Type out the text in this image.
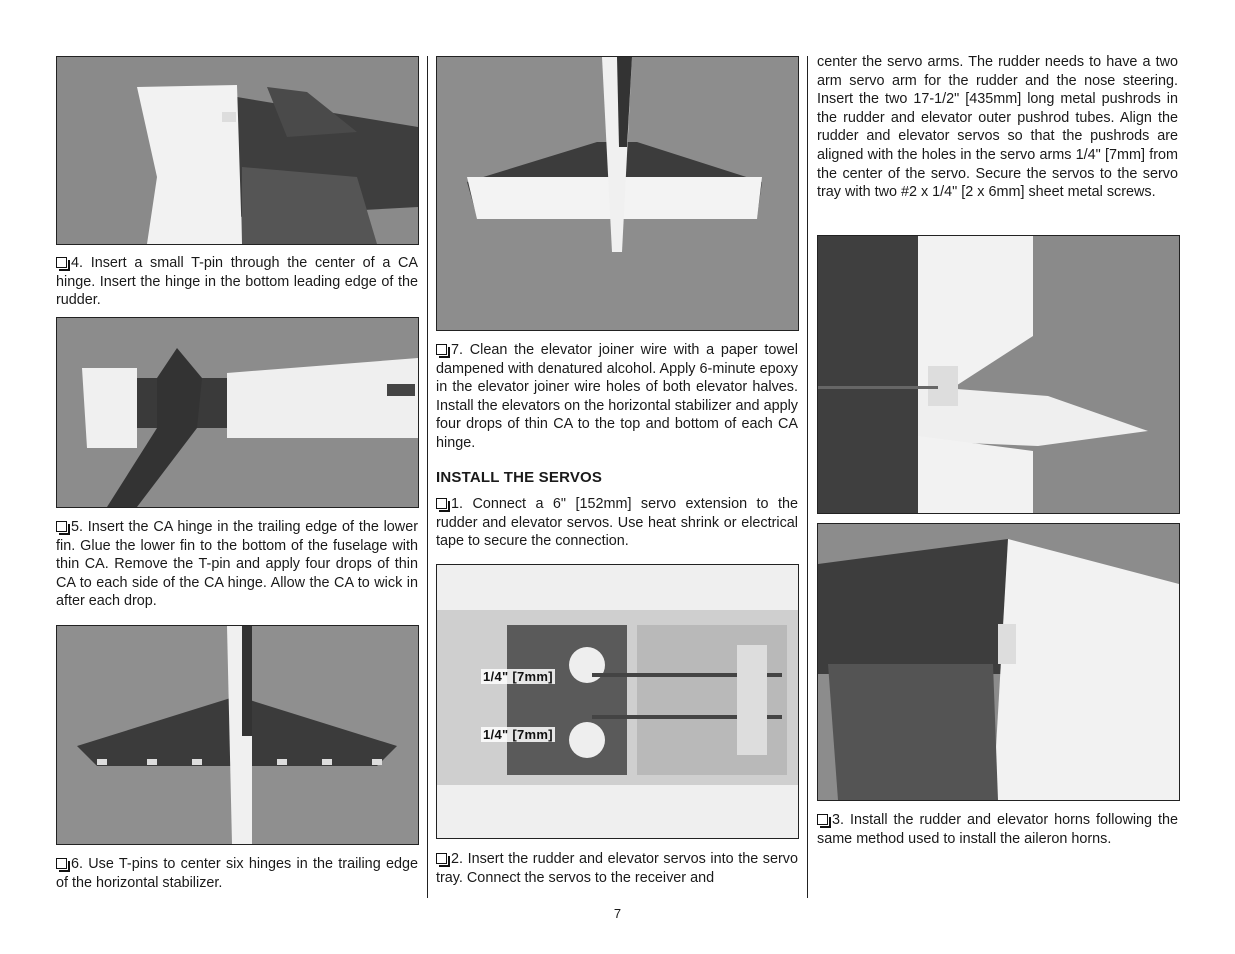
4. Insert a small T-pin through the center of a CA hinge. Insert the hinge in the bottom leading edge of the rudder.

5. Insert the CA hinge in the trailing edge of the lower fin. Glue the lower fin to the bottom of the fuselage with thin CA. Remove the T-pin and apply four drops of thin CA to each side of the CA hinge. Allow the CA to wick in after each drop.

6. Use T-pins to center six hinges in the trailing edge of the horizontal stabilizer.

7. Clean the elevator joiner wire with a paper towel dampened with denatured alcohol. Apply 6-minute epoxy in the elevator joiner wire holes of both elevator halves. Install the elevators on the horizontal stabilizer and apply four drops of thin CA to the top and bottom of each CA hinge.

INSTALL THE SERVOS

1. Connect a 6" [152mm] servo extension to the rudder and elevator servos. Use heat shrink or electrical tape to secure the connection.

1/4" [7mm]
1/4" [7mm]

2. Insert the rudder and elevator servos into the servo tray. Connect the servos to the receiver and

center the servo arms. The rudder needs to have a two arm servo arm for the rudder and the nose steering. Insert the two 17-1/2" [435mm] long metal pushrods in the rudder and elevator outer pushrod tubes. Align the rudder and elevator servos so that the pushrods are aligned with the holes in the servo arms 1/4" [7mm] from the center of the servo. Secure the servos to the servo tray with two #2 x 1/4" [2 x 6mm] sheet metal screws.

3. Install the rudder and elevator horns following the same method used to install the aileron horns.

7
